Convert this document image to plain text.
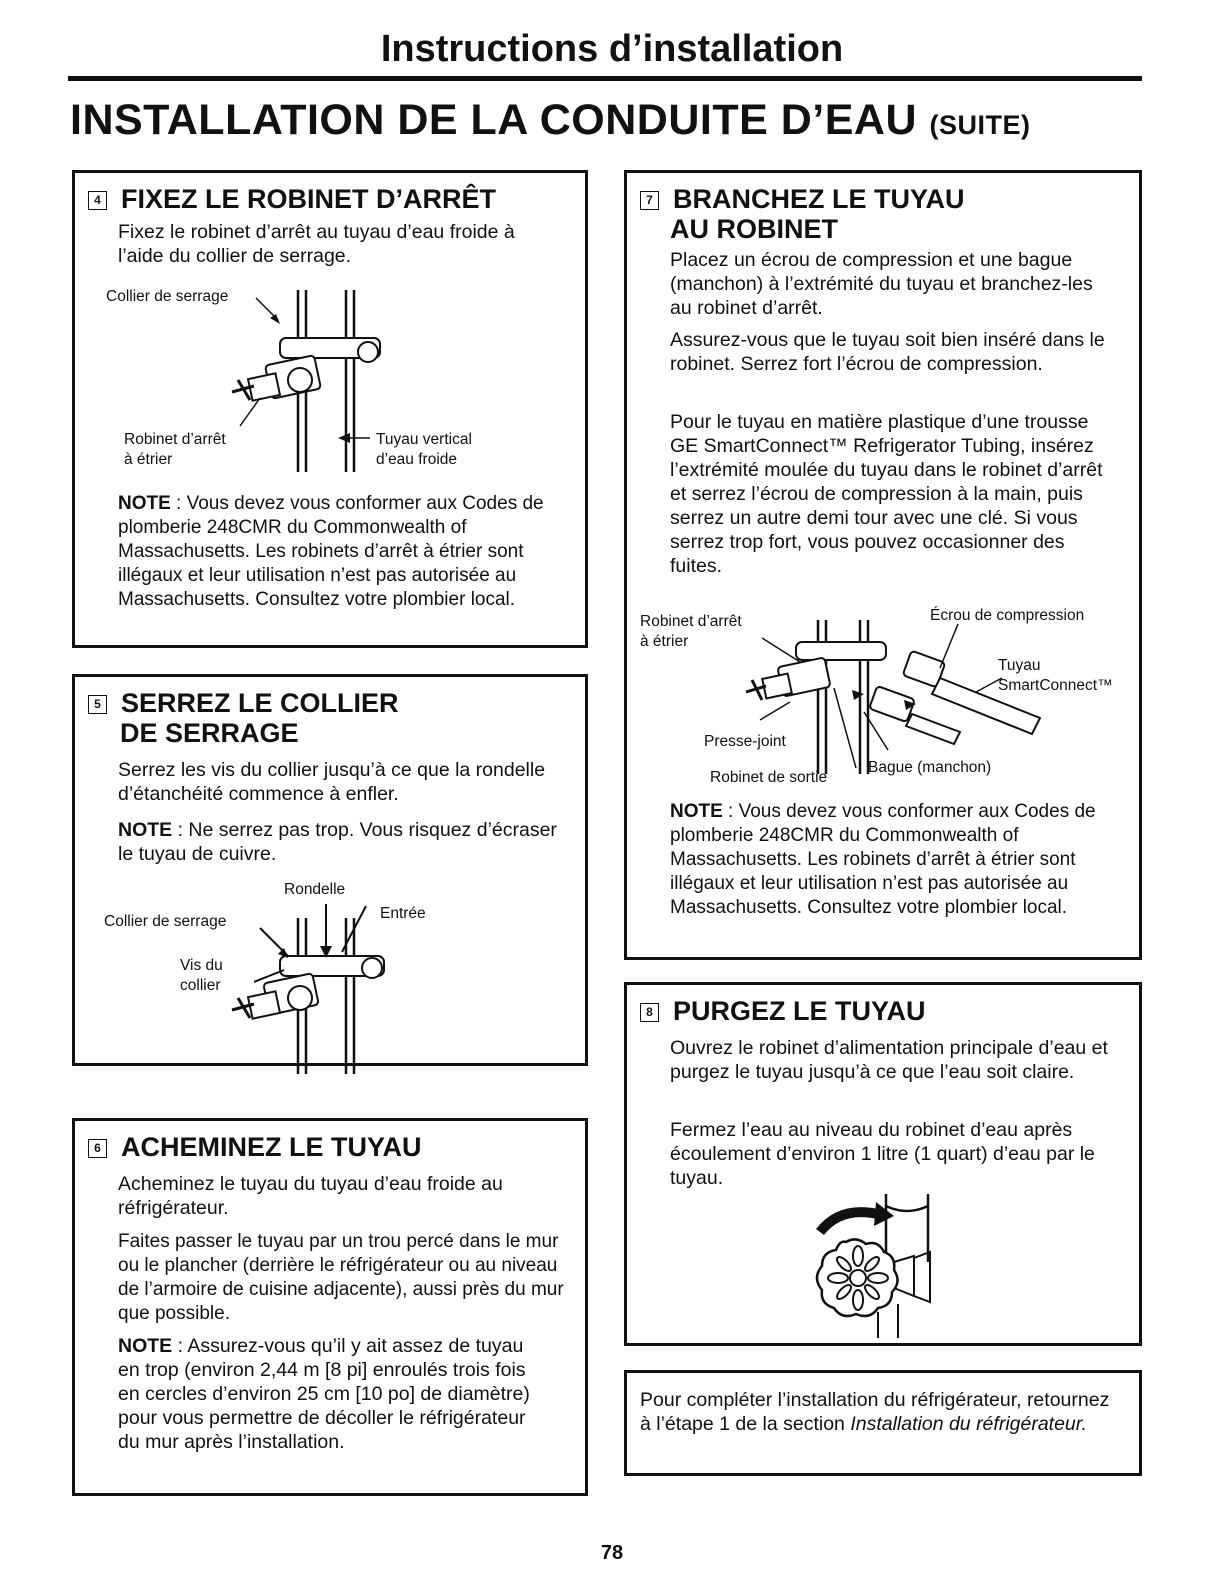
Instructions d’installation
INSTALLATION DE LA CONDUITE D’EAU (SUITE)
4 FIXEZ LE ROBINET D’ARRÊT
Fixez le robinet d’arrêt au tuyau d’eau froide à l’aide du collier de serrage.
Collier de serrage
Robinet d’arrêt
à étrier
Tuyau vertical
d’eau froide
NOTE : Vous devez vous conformer aux Codes de plomberie 248CMR du Commonwealth of Massachusetts. Les robinets d’arrêt à étrier sont illégaux et leur utilisation n’est pas autorisée au Massachusetts. Consultez votre plombier local.
5 SERREZ LE COLLIER
DE SERRAGE
Serrez les vis du collier jusqu’à ce que la rondelle d’étanchéité commence à enfler.
NOTE : Ne serrez pas trop. Vous risquez d’écraser le tuyau de cuivre.
Rondelle
Entrée
Collier de serrage
Vis du
collier
6 ACHEMINEZ LE TUYAU
Acheminez le tuyau du tuyau d’eau froide au réfrigérateur.
Faites passer le tuyau par un trou percé dans le mur ou le plancher (derrière le réfrigérateur ou au niveau de l’armoire de cuisine adjacente), aussi près du mur que possible.
NOTE : Assurez-vous qu’il y ait assez de tuyau en trop (environ 2,44 m [8 pi] enroulés trois fois en cercles d’environ 25 cm [10 po] de diamètre) pour vous permettre de décoller le réfrigérateur du mur après l’installation.
7 BRANCHEZ LE TUYAU
AU ROBINET
Placez un écrou de compression et une bague (manchon) à l’extrémité du tuyau et branchez-les au robinet d’arrêt.
Assurez-vous que le tuyau soit bien inséré dans le robinet. Serrez fort l’écrou de compression.
Pour le tuyau en matière plastique d’une trousse GE SmartConnect™ Refrigerator Tubing, insérez l’extrémité moulée du tuyau dans le robinet d’arrêt et serrez l’écrou de compression à la main, puis serrez un autre demi tour avec une clé. Si vous serrez trop fort, vous pouvez occasionner des fuites.
Robinet d’arrêt
à étrier
Écrou de compression
Tuyau
SmartConnect™
Presse-joint
Robinet de sortie
Bague (manchon)
NOTE : Vous devez vous conformer aux Codes de plomberie 248CMR du Commonwealth of Massachusetts. Les robinets d’arrêt à étrier sont illégaux et leur utilisation n’est pas autorisée au Massachusetts. Consultez votre plombier local.
8 PURGEZ LE TUYAU
Ouvrez le robinet d’alimentation principale d’eau et purgez le tuyau jusqu’à ce que l’eau soit claire.
Fermez l’eau au niveau du robinet d’eau après écoulement d’environ 1 litre (1 quart) d’eau par le tuyau.
Pour compléter l’installation du réfrigérateur, retournez à l’étape 1 de la section Installation du réfrigérateur.
78
